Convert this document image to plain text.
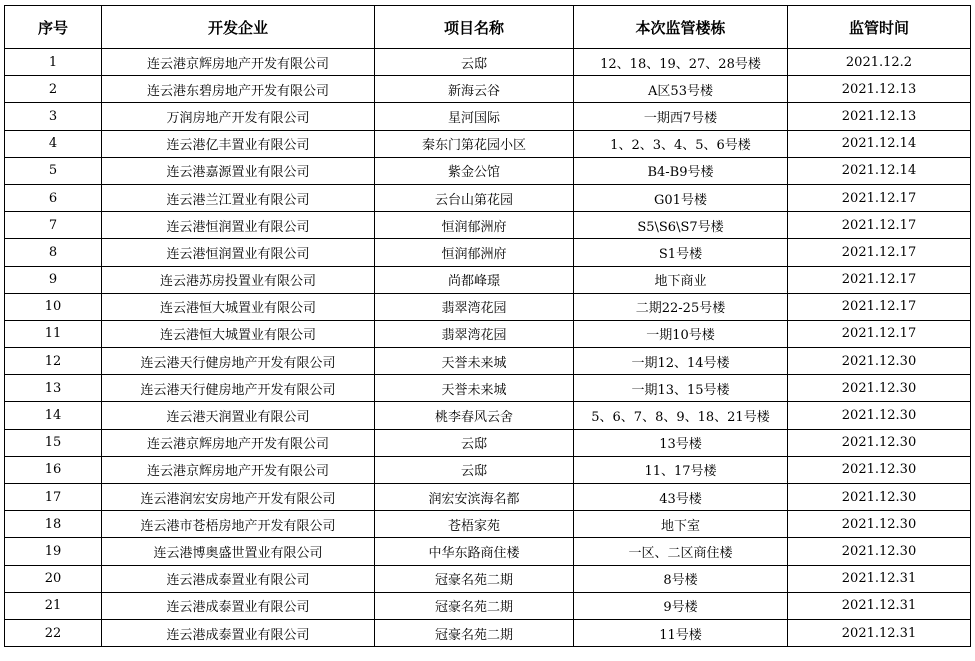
序号	开发企业	项目名称	本次监管楼栋	监管时间
1	连云港京辉房地产开发有限公司	云邸	12、18、19、27、28号楼	2021.12.2
2	连云港东碧房地产开发有限公司	新海云谷	A区53号楼	2021.12.13
3	万润房地产开发有限公司	星河国际	一期西7号楼	2021.12.13
4	连云港亿丰置业有限公司	秦东门第花园小区	1、2、3、4、5、6号楼	2021.12.14
5	连云港嘉源置业有限公司	紫金公馆	B4-B9号楼	2021.12.14
6	连云港兰江置业有限公司	云台山第花园	G01号楼	2021.12.17
7	连云港恒润置业有限公司	恒润郁洲府	S5\S6\S7号楼	2021.12.17
8	连云港恒润置业有限公司	恒润郁洲府	S1号楼	2021.12.17
9	连云港苏房投置业有限公司	尚都峰璟	地下商业	2021.12.17
10	连云港恒大城置业有限公司	翡翠湾花园	二期22-25号楼	2021.12.17
11	连云港恒大城置业有限公司	翡翠湾花园	一期10号楼	2021.12.17
12	连云港天行健房地产开发有限公司	天誉未来城	一期12、14号楼	2021.12.30
13	连云港天行健房地产开发有限公司	天誉未来城	一期13、15号楼	2021.12.30
14	连云港天润置业有限公司	桃李春风云舍	5、6、7、8、9、18、21号楼	2021.12.30
15	连云港京辉房地产开发有限公司	云邸	13号楼	2021.12.30
16	连云港京辉房地产开发有限公司	云邸	11、17号楼	2021.12.30
17	连云港润宏安房地产开发有限公司	润宏安滨海名都	43号楼	2021.12.30
18	连云港市苍梧房地产开发有限公司	苍梧家苑	地下室	2021.12.30
19	连云港博奥盛世置业有限公司	中华东路商住楼	一区、二区商住楼	2021.12.30
20	连云港成泰置业有限公司	冠豪名苑二期	8号楼	2021.12.31
21	连云港成泰置业有限公司	冠豪名苑二期	9号楼	2021.12.31
22	连云港成泰置业有限公司	冠豪名苑二期	11号楼	2021.12.31
